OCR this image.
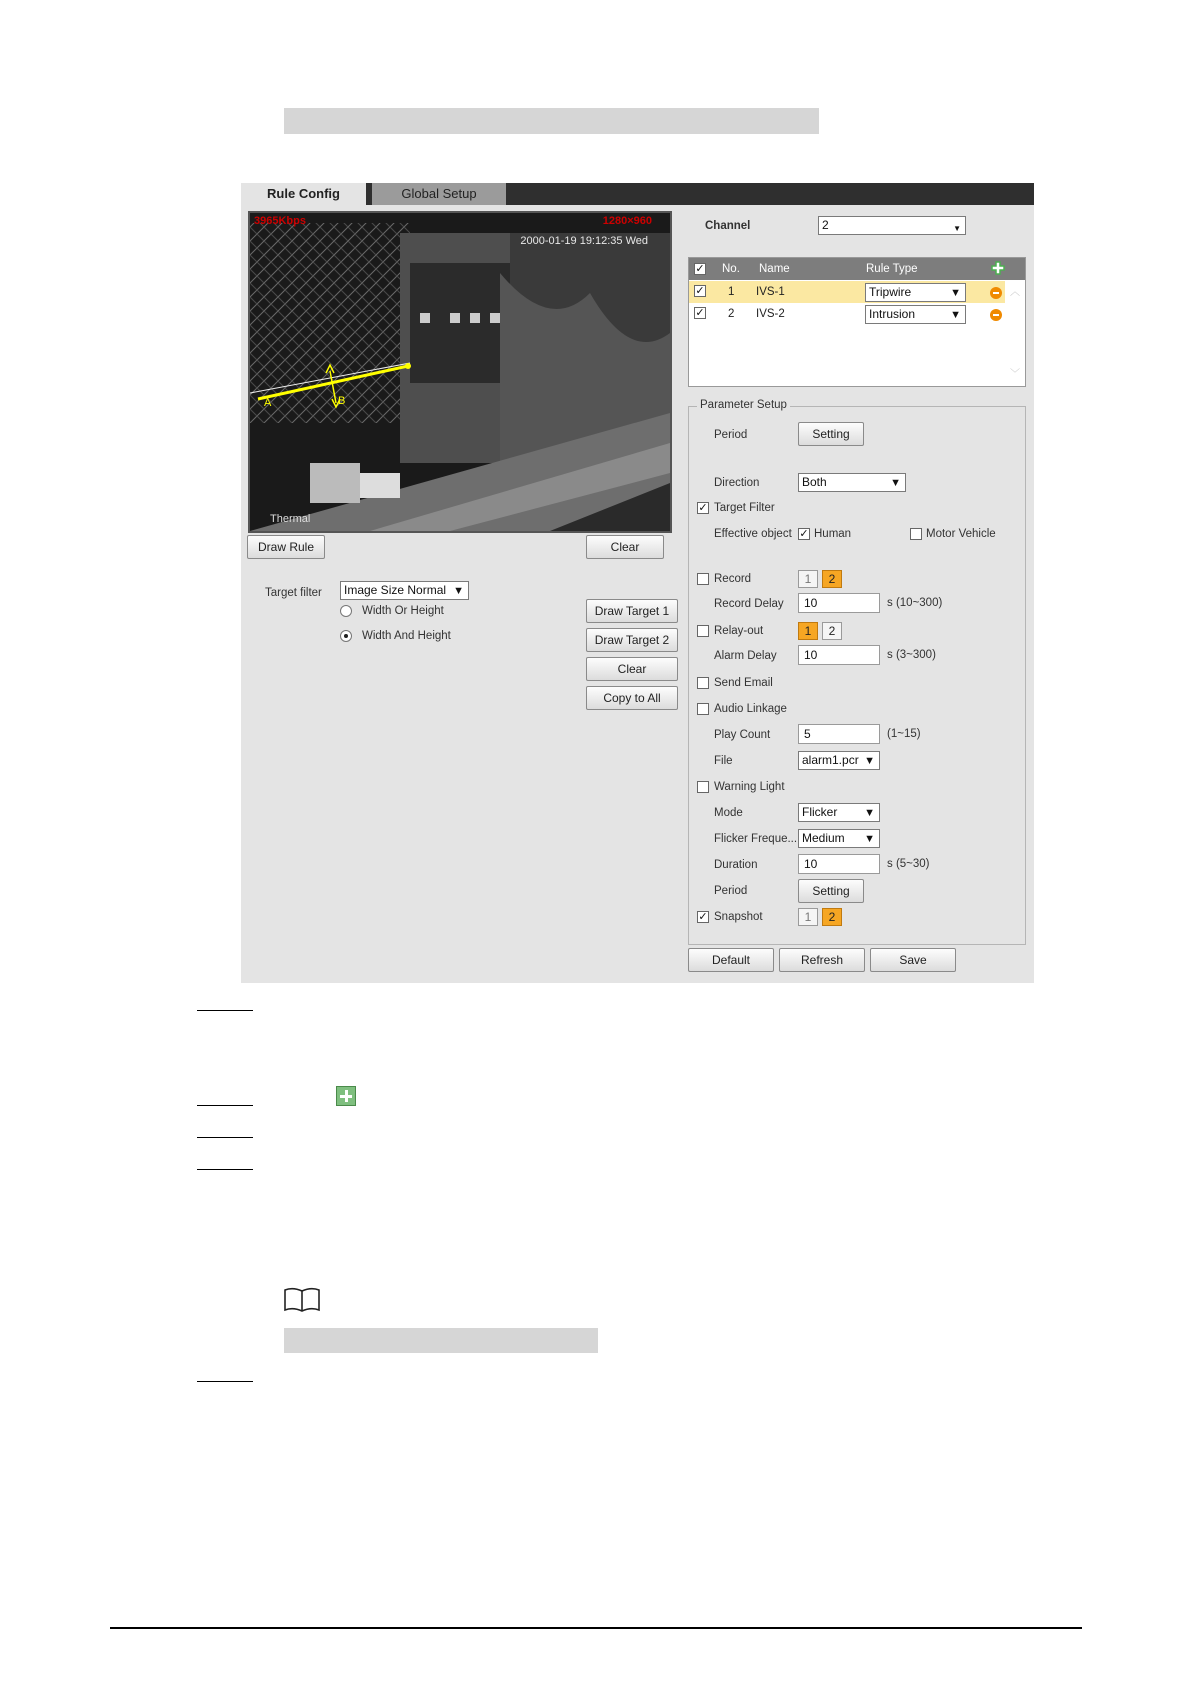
Rule Config	Global Setup
3965Kbps	1280×960
2000-01-19 19:12:35 Wed
A	B
Thermal
Draw Rule	Clear
Target filter	Image Size Normal ▼
Width Or Height
Width And Height
Draw Target 1
Draw Target 2
Clear
Copy to All
Channel	2	▼
✓ No. Name	Rule Type
✓ 1 IVS-1	Tripwire	▼
✓ 2 IVS-2	Intrusion	▼
︿
﹀
Parameter Setup
Period	Setting
Direction	Both	▼
✓ Target Filter
Effective object ✓ Human	Motor Vehicle
Record	1	2
Record Delay	10	s (10~300)
Relay-out	1	2
Alarm Delay	10	s (3~300)
Send Email
Audio Linkage
Play Count	5	(1~15)
File	alarm1.pcr ▼
Warning Light
Mode	Flicker ▼
Flicker Freque... Medium ▼
Duration	10	s (5~30)
Period	Setting
✓ Snapshot	1	2
Default	Refresh	Save
